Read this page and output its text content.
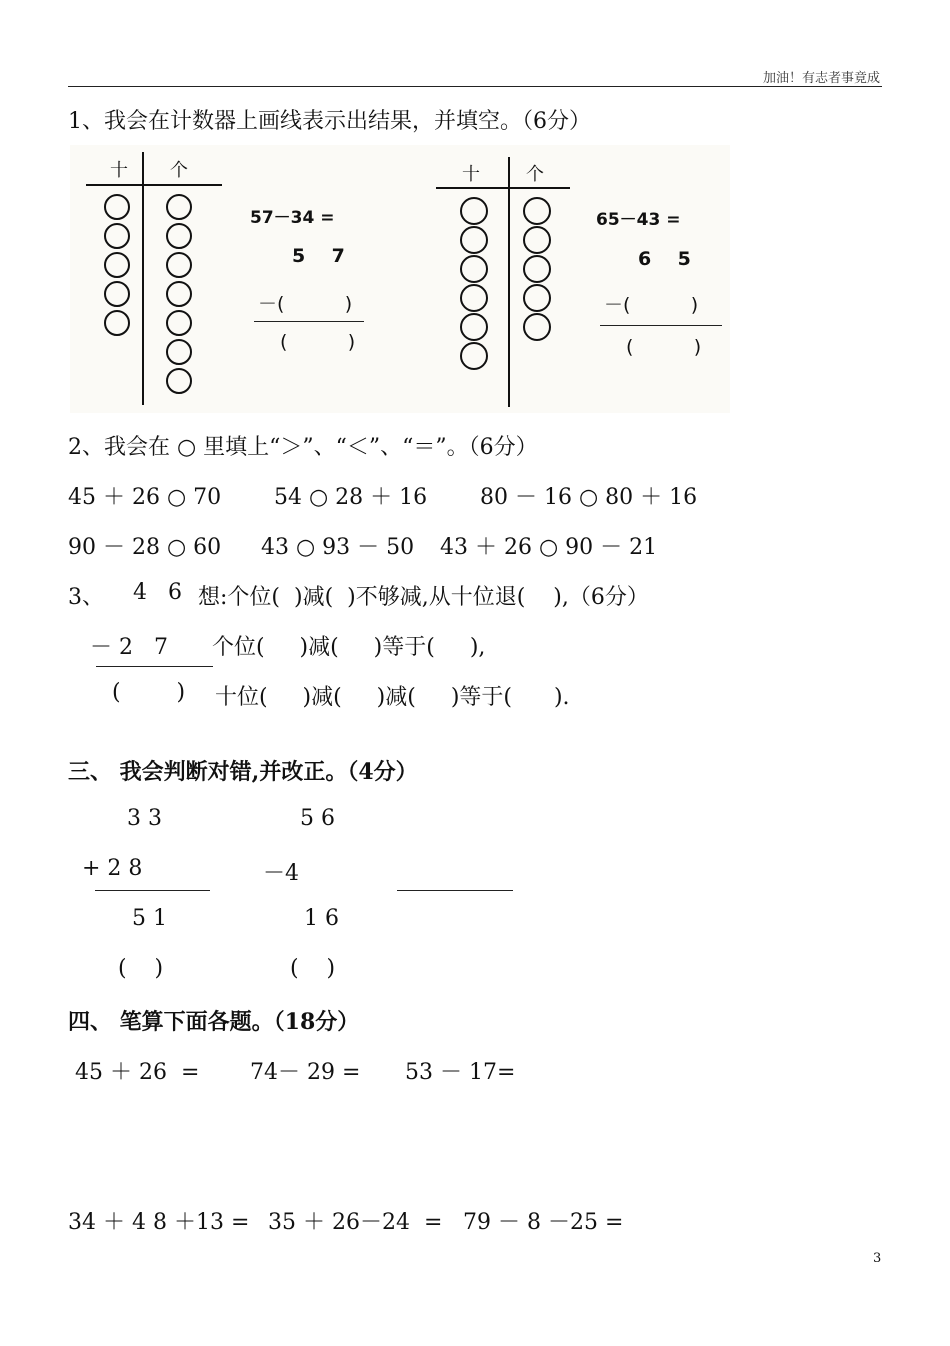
加油！有志者事竟成
1、我会在计数器上画线表示出结果，并填空。（6分）
十 个
57－34 =
5    7
－(          )
(          )
十	个
65－43 =
6    5
－(          )
(          )
2、我会在 ○ 里填上“＞”、“＜”、“＝”。（6分）
45 ＋ 26 ○ 70 54 ○ 28 ＋ 16 80 － 16 ○ 80 ＋ 16
90 － 28 ○ 60 43 ○ 93 － 50 43 ＋ 26 ○ 90 － 21
3、 4   6 想:个位(  )减(  )不够减,从十位退(    ),（6分）
－ 2   7 个位(     )减(     )等于(     ),
(        ) 十位(     )减(     )减(     )等于(      ).
三、 我会判断对错,并改正。（4分）
3 3
+ 2 8
5 1
(    )
5 6
－4
1 6
(    )
四、 笔算下面各题。（18分）
45 ＋ 26  = 74－ 29 = 53 － 17=
34 ＋ 4 8 ＋13 = 35 ＋ 26－24  = 79 － 8 －25 =
3
